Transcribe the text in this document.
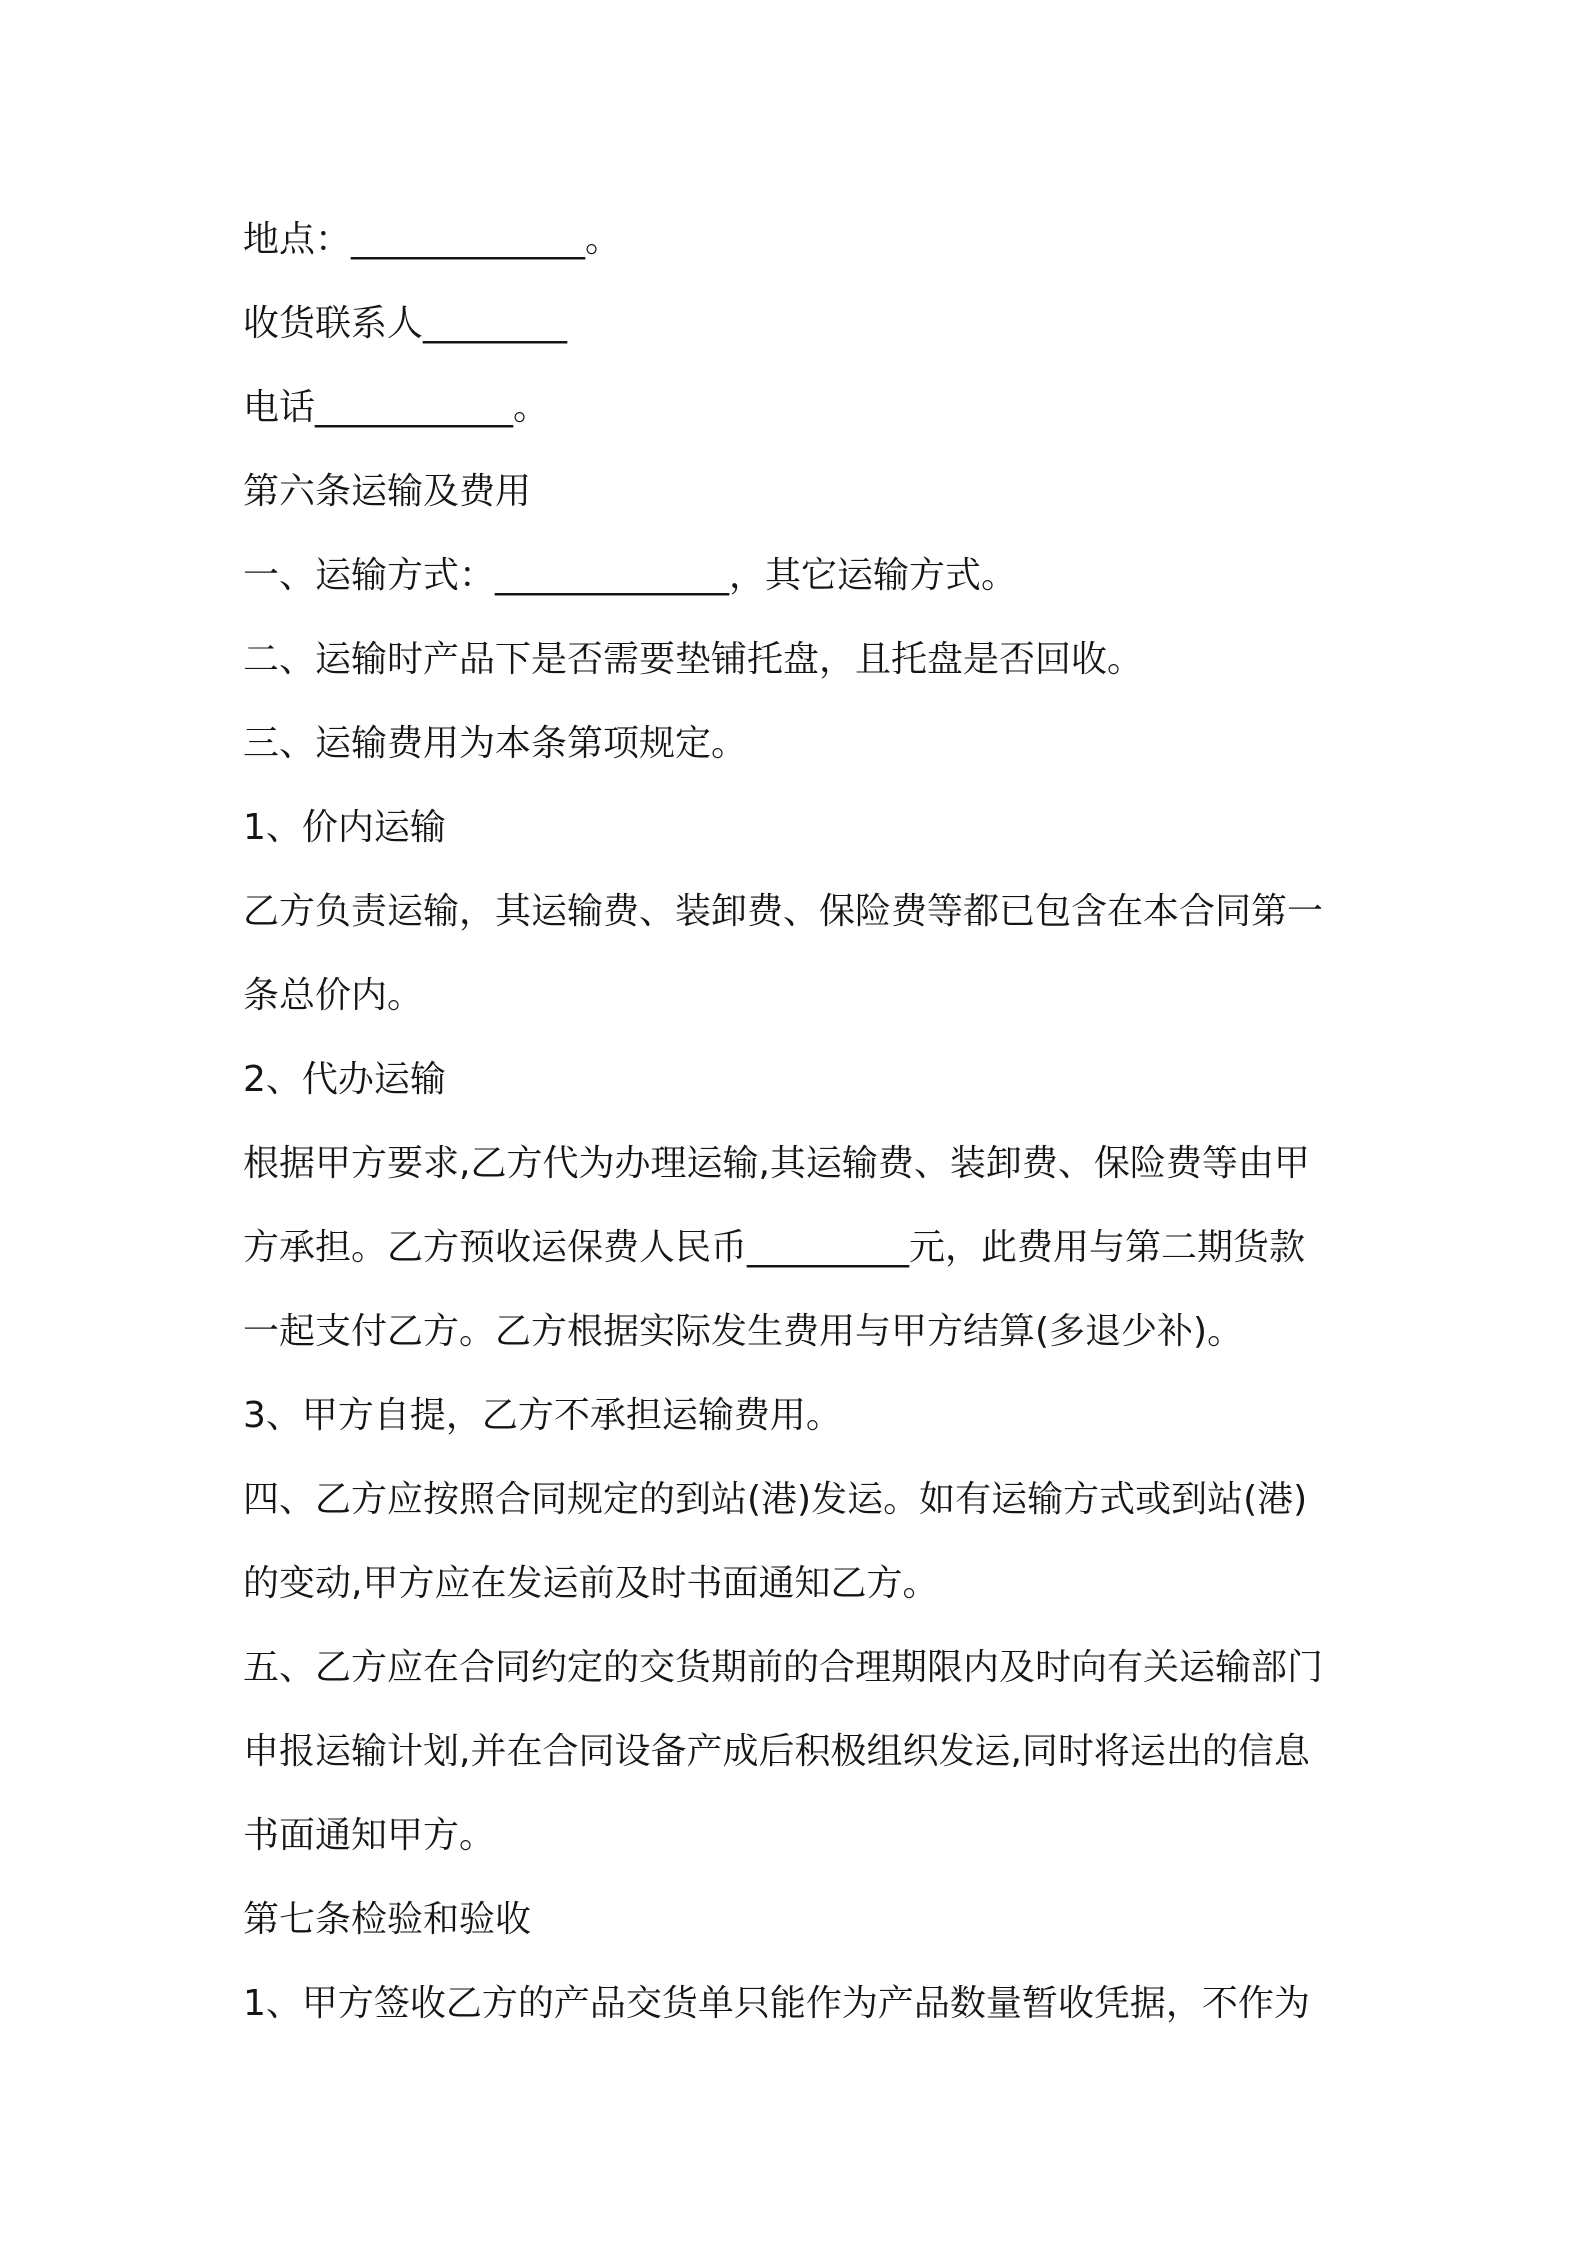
地点：_____________。

收货联系人________

电话___________。

第六条运输及费用

一、运输方式：_____________，其它运输方式。

二、运输时产品下是否需要垫铺托盘，且托盘是否回收。

三、运输费用为本条第项规定。

1、价内运输

乙方负责运输，其运输费、装卸费、保险费等都已包含在本合同第一

条总价内。

2、代办运输

根据甲方要求,乙方代为办理运输,其运输费、装卸费、保险费等由甲

方承担。乙方预收运保费人民币_________元，此费用与第二期货款

一起支付乙方。乙方根据实际发生费用与甲方结算(多退少补)。

3、甲方自提，乙方不承担运输费用。

四、乙方应按照合同规定的到站(港)发运。如有运输方式或到站(港)

的变动,甲方应在发运前及时书面通知乙方。

五、乙方应在合同约定的交货期前的合理期限内及时向有关运输部门

申报运输计划,并在合同设备产成后积极组织发运,同时将运出的信息

书面通知甲方。

第七条检验和验收

1、甲方签收乙方的产品交货单只能作为产品数量暂收凭据，不作为
